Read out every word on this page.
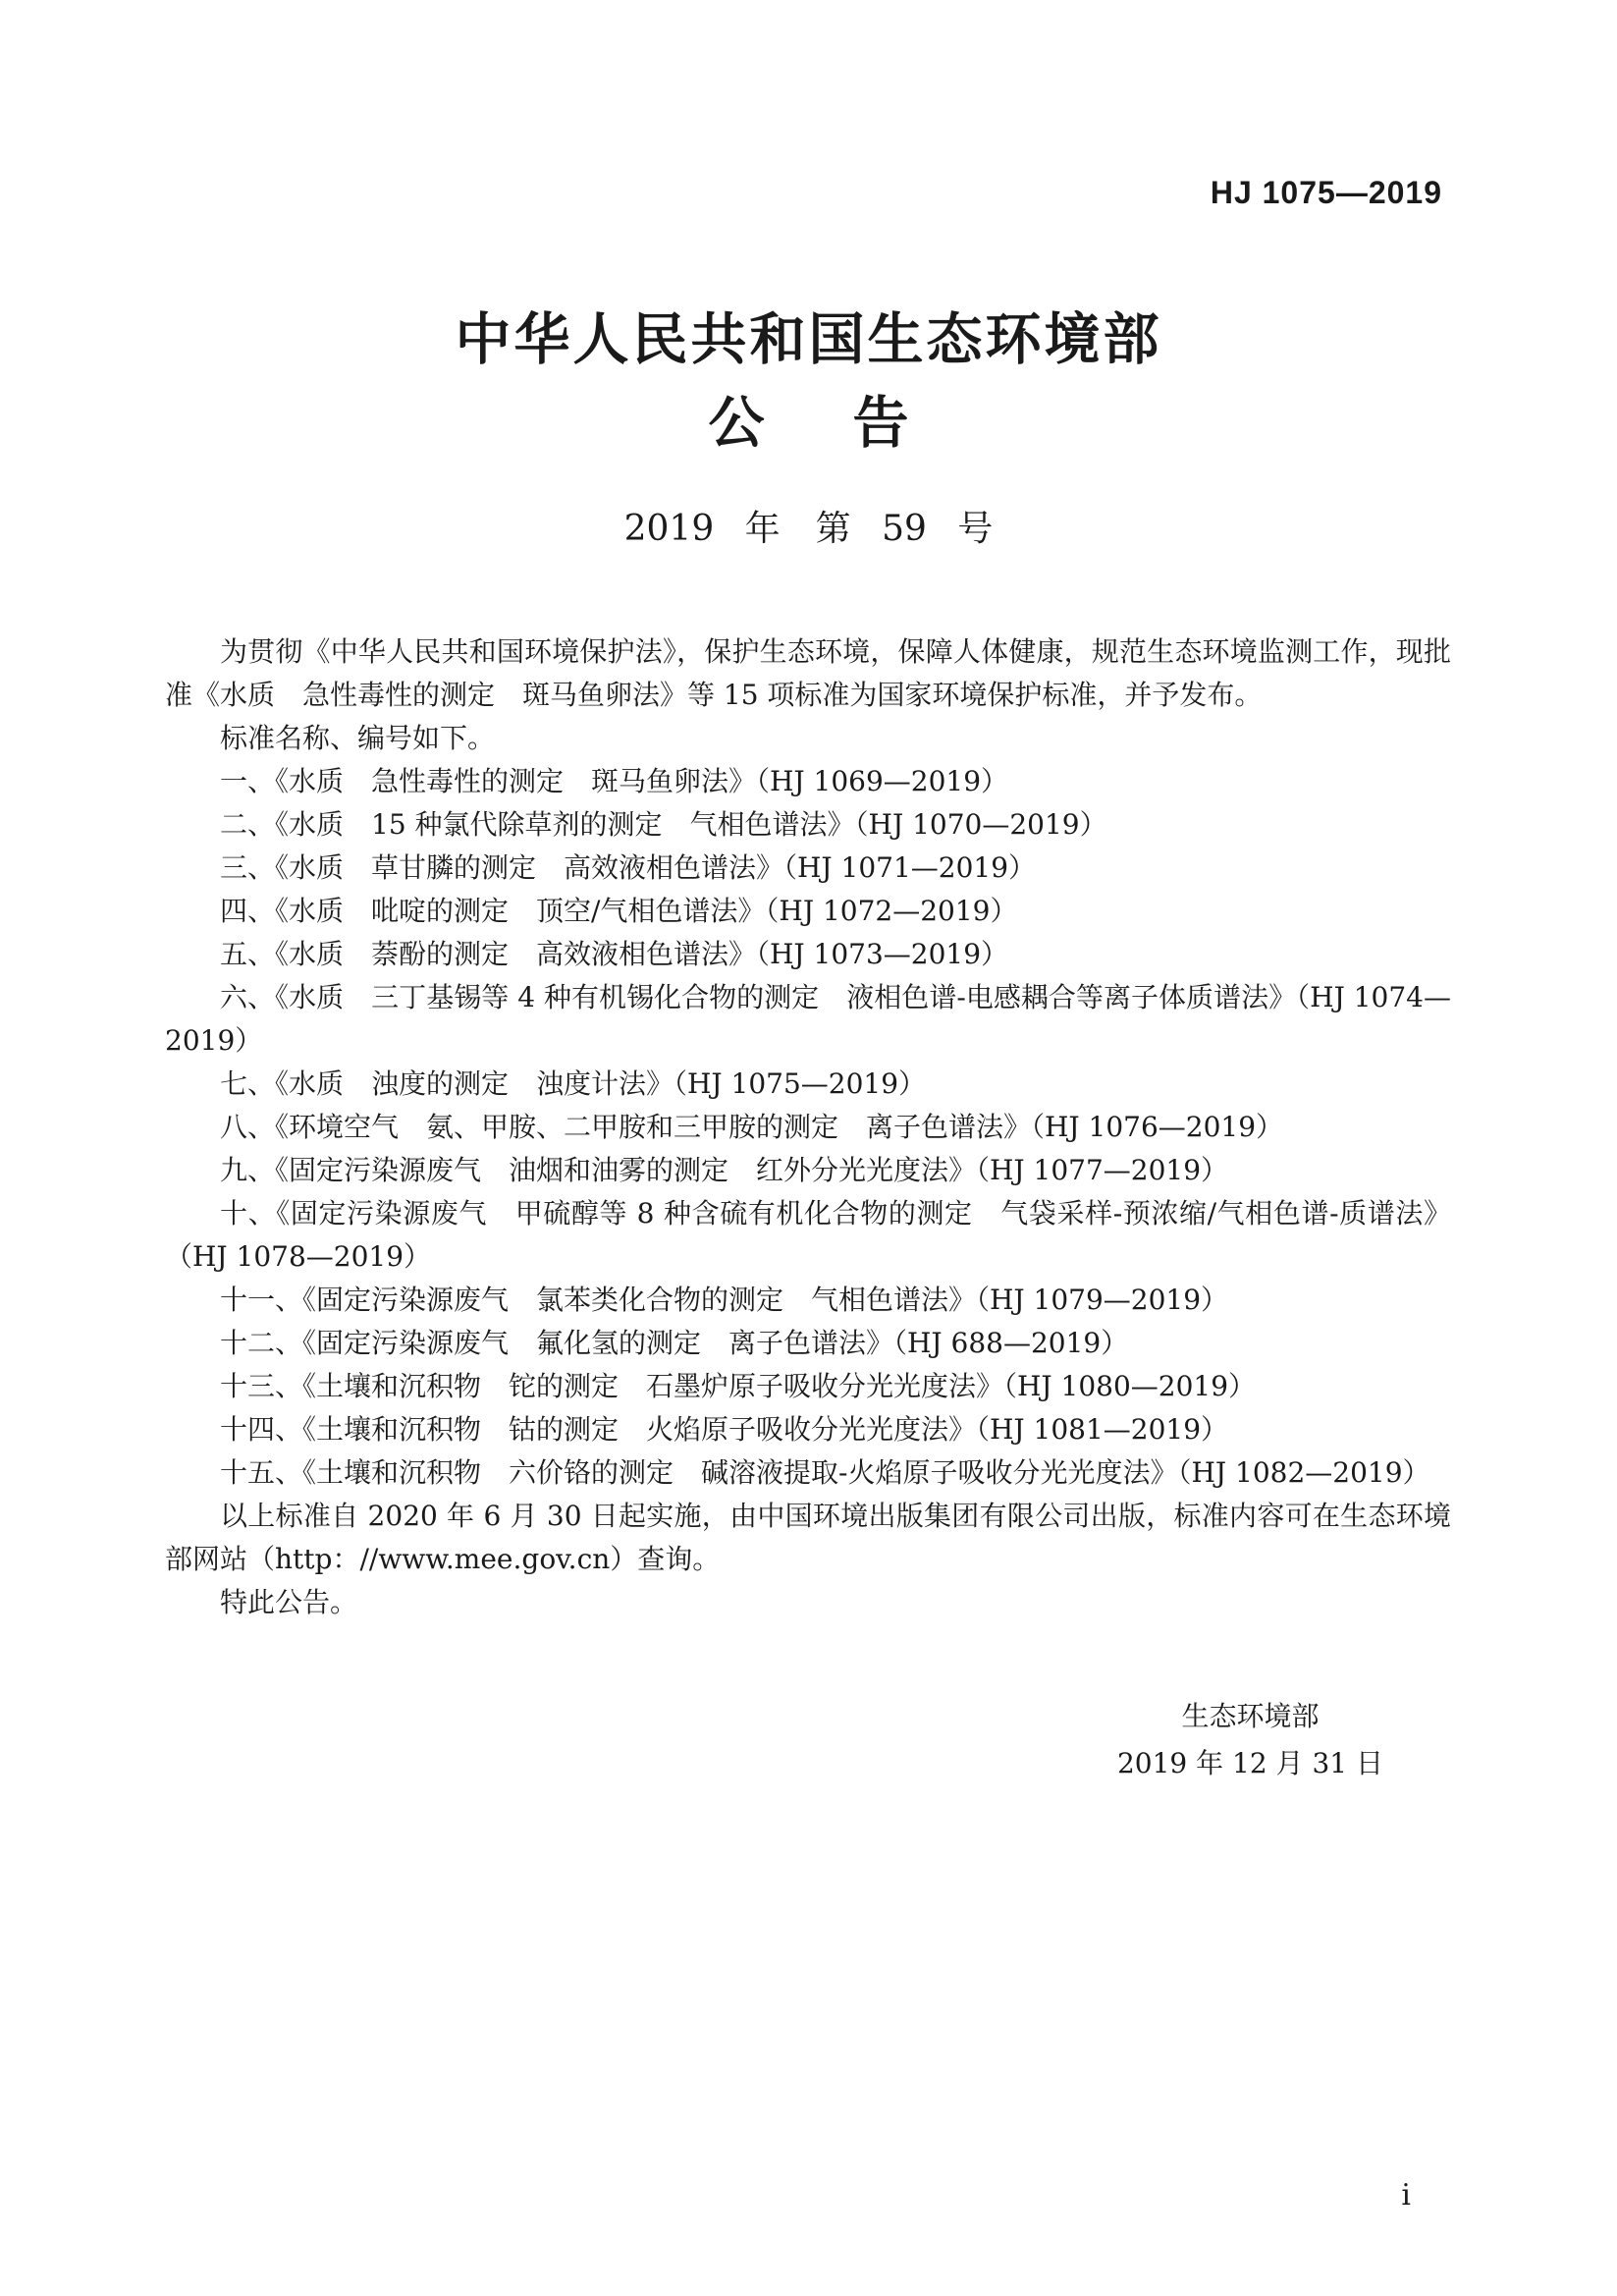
HJ 1075—2019
中华人民共和国生态环境部
公告
2019 年　第 59 号

为贯彻《中华人民共和国环境保护法》，保护生态环境，保障人体健康，规范生态环境监测工作，现批准《水质　急性毒性的测定　斑马鱼卵法》等 15 项标准为国家环境保护标准，并予发布。

标准名称、编号如下。

一、《水质　急性毒性的测定　斑马鱼卵法》（HJ 1069—2019）

二、《水质　15 种氯代除草剂的测定　气相色谱法》（HJ 1070—2019）

三、《水质　草甘膦的测定　高效液相色谱法》（HJ 1071—2019）

四、《水质　吡啶的测定　顶空/气相色谱法》（HJ 1072—2019）

五、《水质　萘酚的测定　高效液相色谱法》（HJ 1073—2019）

六、《水质　三丁基锡等 4 种有机锡化合物的测定　液相色谱-电感耦合等离子体质谱法》（HJ 1074—2019）

七、《水质　浊度的测定　浊度计法》（HJ 1075—2019）

八、《环境空气　氨、甲胺、二甲胺和三甲胺的测定　离子色谱法》（HJ 1076—2019）

九、《固定污染源废气　油烟和油雾的测定　红外分光光度法》（HJ 1077—2019）

十、《固定污染源废气　甲硫醇等 8 种含硫有机化合物的测定　气袋采样-预浓缩/气相色谱-质谱法》（HJ 1078—2019）

十一、《固定污染源废气　氯苯类化合物的测定　气相色谱法》（HJ 1079—2019）

十二、《固定污染源废气　氟化氢的测定　离子色谱法》（HJ 688—2019）

十三、《土壤和沉积物　铊的测定　石墨炉原子吸收分光光度法》（HJ 1080—2019）

十四、《土壤和沉积物　钴的测定　火焰原子吸收分光光度法》（HJ 1081—2019）

十五、《土壤和沉积物　六价铬的测定　碱溶液提取-火焰原子吸收分光光度法》（HJ 1082—2019）

以上标准自 2020 年 6 月 30 日起实施，由中国环境出版集团有限公司出版，标准内容可在生态环境部网站（http：//www.mee.gov.cn）查询。

特此公告。

生态环境部
2019 年 12 月 31 日
i
